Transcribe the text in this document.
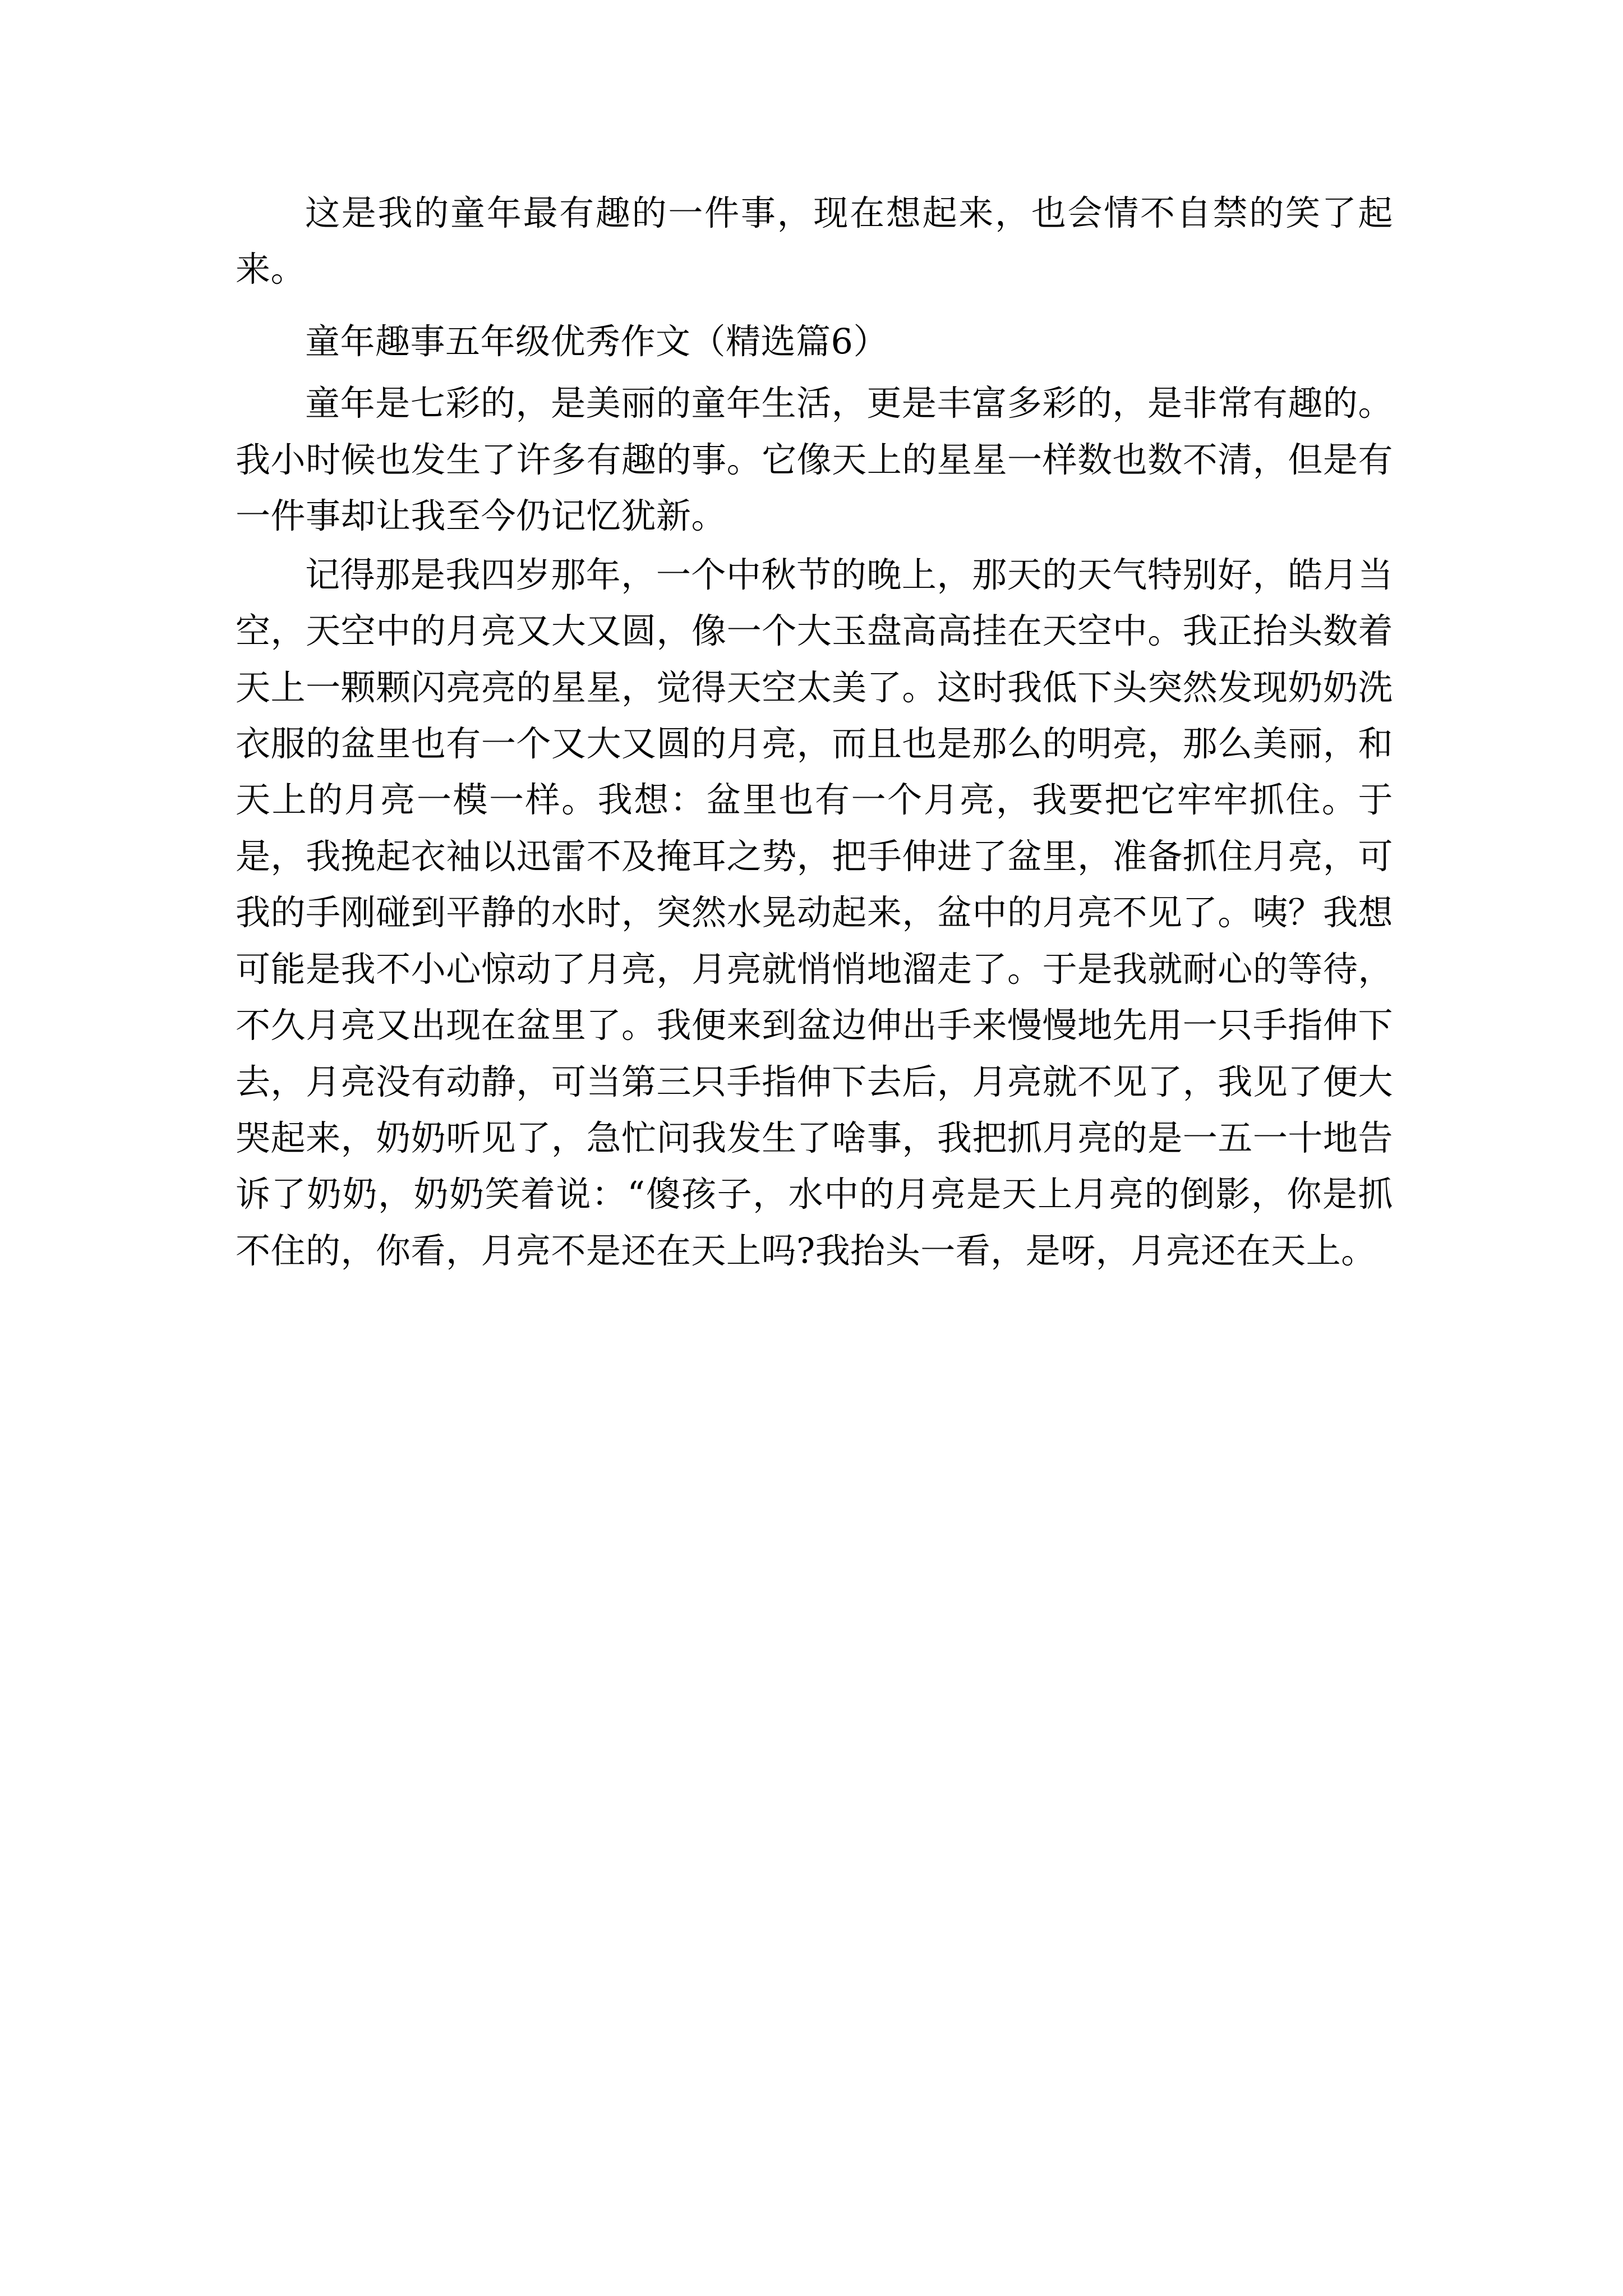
这是我的童年最有趣的一件事，现在想起来，也会情不自禁的笑了起来。

童年趣事五年级优秀作文（精选篇6）

童年是七彩的，是美丽的童年生活，更是丰富多彩的，是非常有趣的。我小时候也发生了许多有趣的事。它像天上的星星一样数也数不清，但是有一件事却让我至今仍记忆犹新。

记得那是我四岁那年，一个中秋节的晚上，那天的天气特别好，皓月当空，天空中的月亮又大又圆，像一个大玉盘高高挂在天空中。我正抬头数着天上一颗颗闪亮亮的星星，觉得天空太美了。这时我低下头突然发现奶奶洗衣服的盆里也有一个又大又圆的月亮，而且也是那么的明亮，那么美丽，和天上的月亮一模一样。我想：盆里也有一个月亮，我要把它牢牢抓住。于是，我挽起衣袖以迅雷不及掩耳之势，把手伸进了盆里，准备抓住月亮，可我的手刚碰到平静的水时，突然水晃动起来，盆中的月亮不见了。咦？我想可能是我不小心惊动了月亮，月亮就悄悄地溜走了。于是我就耐心的等待，不久月亮又出现在盆里了。我便来到盆边伸出手来慢慢地先用一只手指伸下去，月亮没有动静，可当第三只手指伸下去后，月亮就不见了，我见了便大哭起来，奶奶听见了，急忙问我发生了啥事，我把抓月亮的是一五一十地告诉了奶奶，奶奶笑着说：“傻孩子，水中的月亮是天上月亮的倒影，你是抓不住的，你看，月亮不是还在天上吗?我抬头一看，是呀，月亮还在天上。
